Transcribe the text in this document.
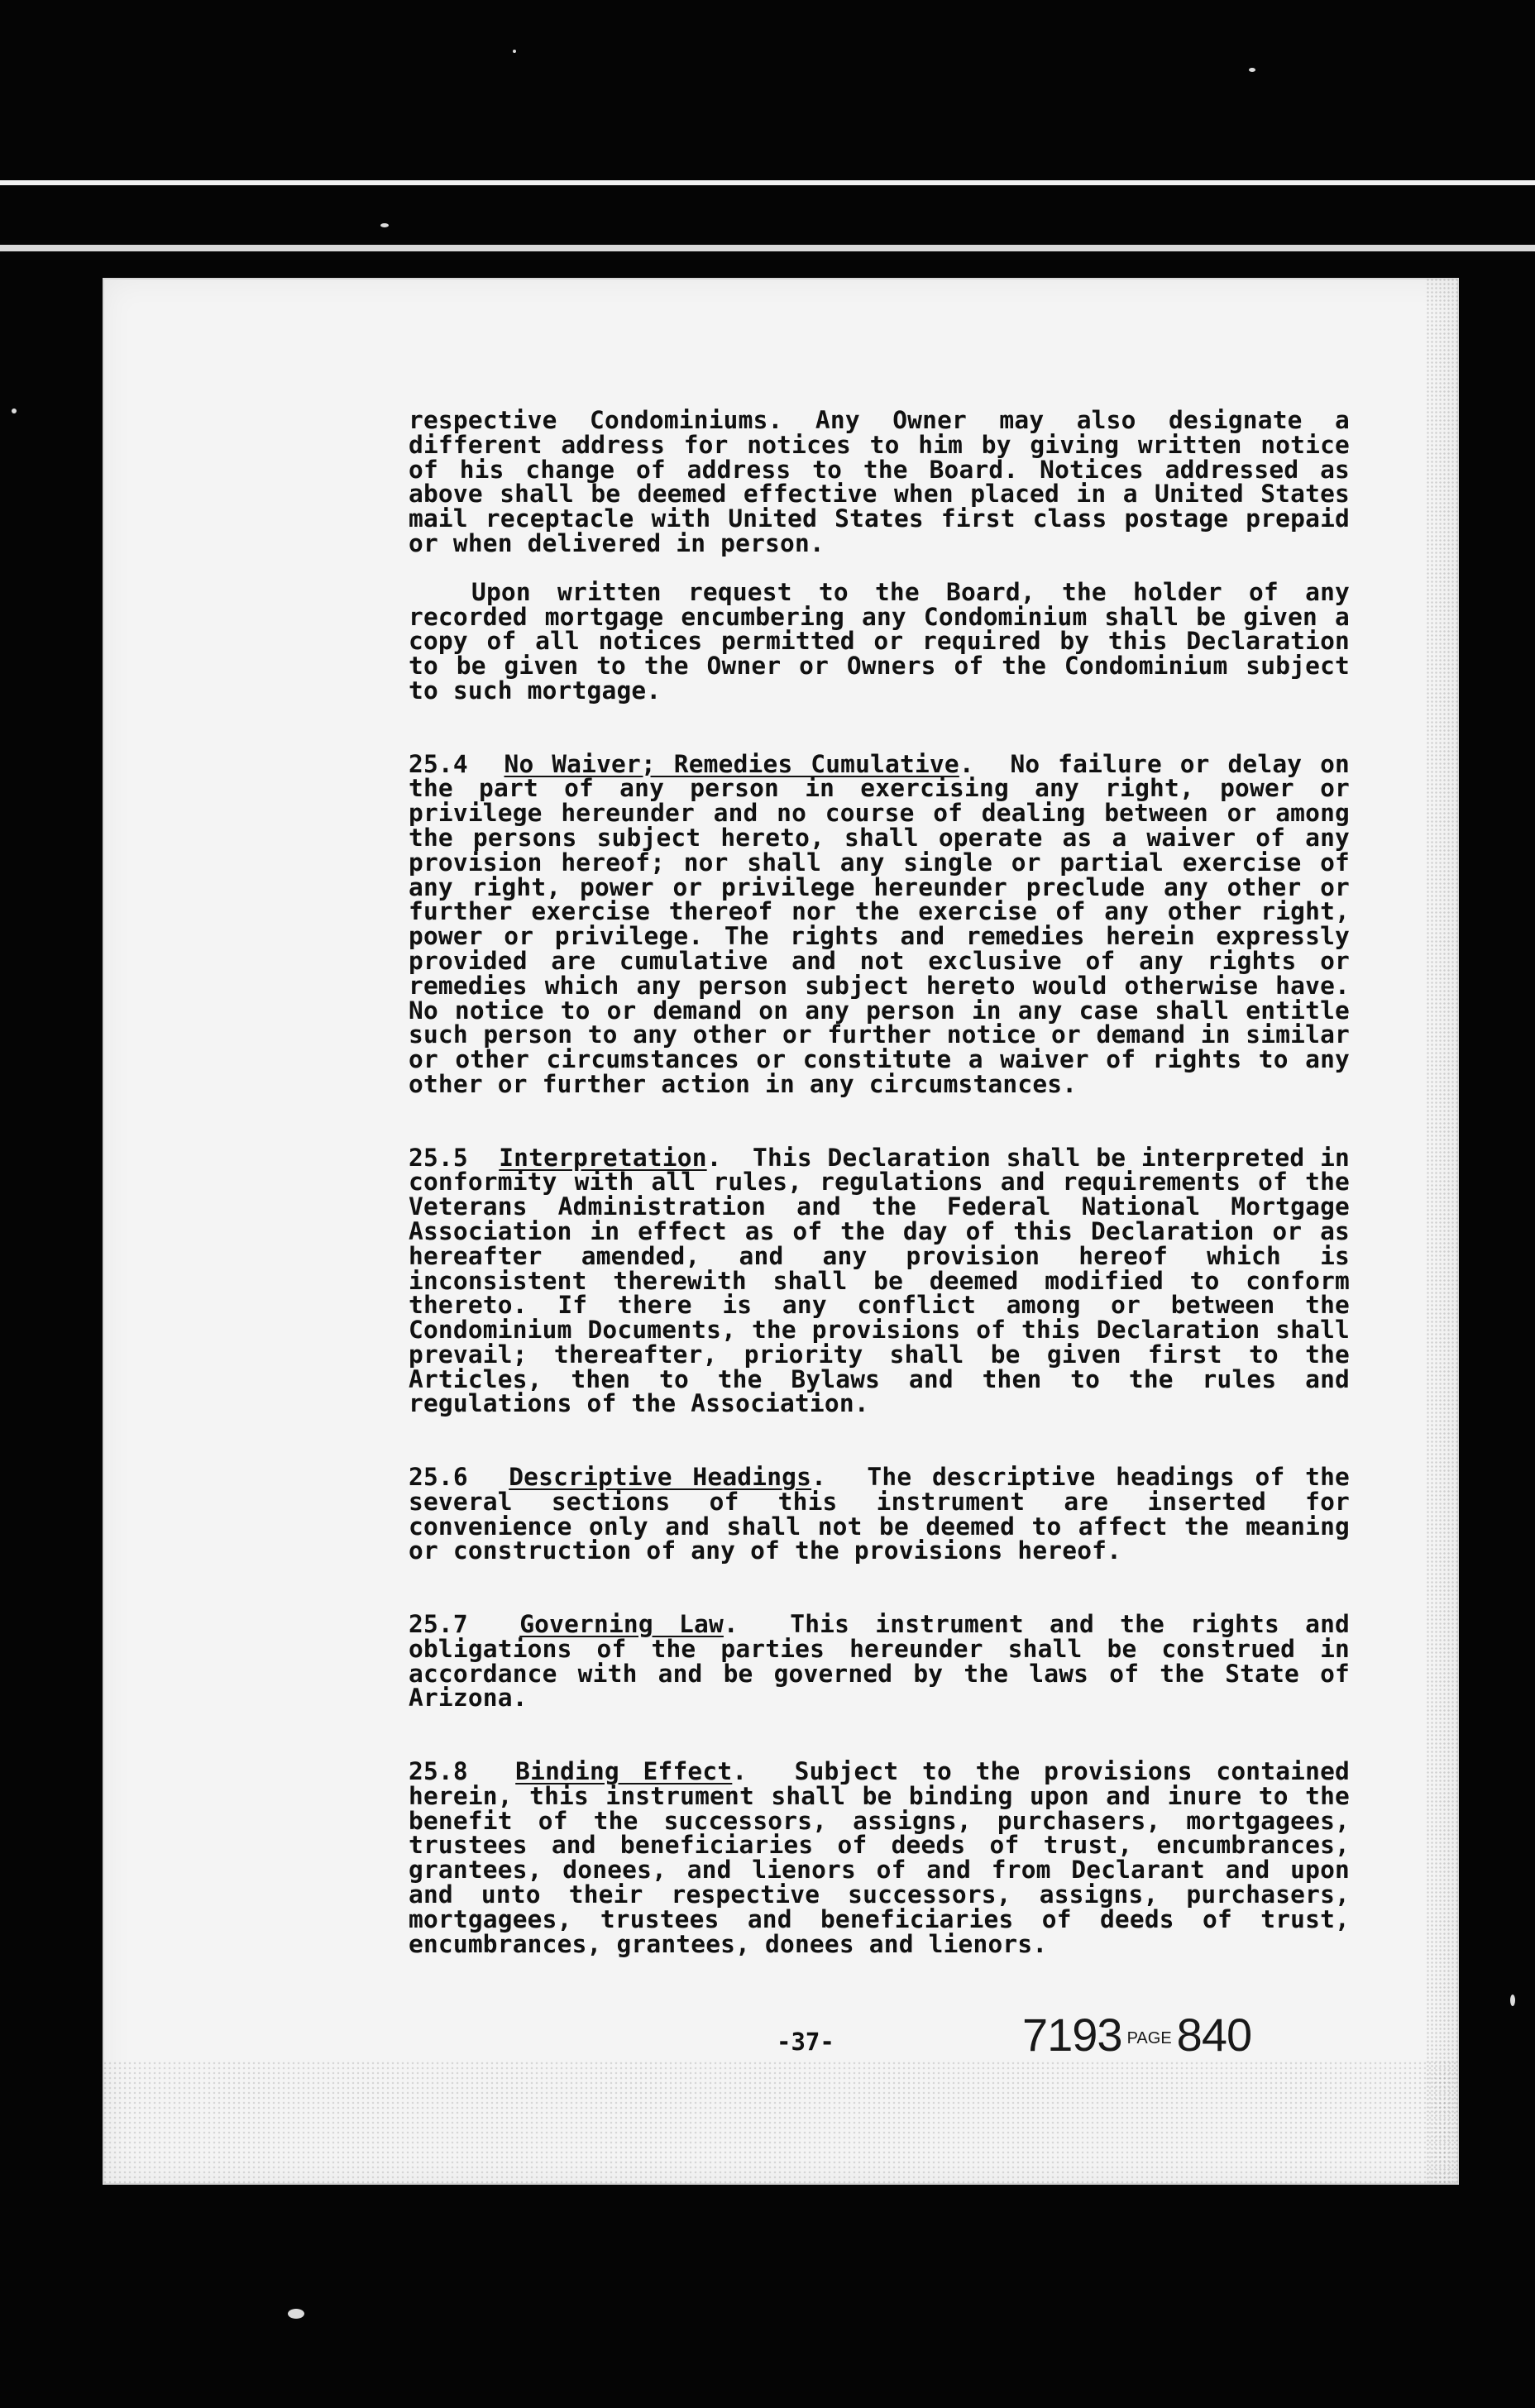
respective Condominiums. Any Owner may also designate a different address for notices to him by giving written notice of his change of address to the Board. Notices addressed as above shall be deemed effective when placed in a United States mail receptacle with United States first class postage prepaid or when delivered in person.

Upon written request to the Board, the holder of any recorded mortgage encumbering any Condominium shall be given a copy of all notices permitted or required by this Declaration to be given to the Owner or Owners of the Condominium subject to such mortgage.

25.4 No Waiver; Remedies Cumulative.  No failure or delay on the part of any person in exercising any right, power or privilege hereunder and no course of dealing between or among the persons subject hereto, shall operate as a waiver of any provision hereof; nor shall any single or partial exercise of any right, power or privilege hereunder preclude any other or further exercise thereof nor the exercise of any other right, power or privilege. The rights and remedies herein expressly provided are cumulative and not exclusive of any rights or remedies which any person subject hereto would otherwise have. No notice to or demand on any person in any case shall entitle such person to any other or further notice or demand in similar or other circumstances or constitute a waiver of rights to any other or further action in any circumstances.

25.5 Interpretation.  This Declaration shall be interpreted in conformity with all rules, regulations and requirements of the Veterans Administration and the Federal National Mortgage Association in effect as of the day of this Declaration or as hereafter amended, and any provision hereof which is inconsistent therewith shall be deemed modified to conform thereto. If there is any conflict among or between the Condominium Documents, the provisions of this Declaration shall prevail; thereafter, priority shall be given first to the Articles, then to the Bylaws and then to the rules and regulations of the Association.

25.6 Descriptive Headings.  The descriptive headings of the several sections of this instrument are inserted for convenience only and shall not be deemed to affect the meaning or construction of any of the provisions hereof.

25.7 Governing Law.  This instrument and the rights and obligations of the parties hereunder shall be construed in accordance with and be governed by the laws of the State of Arizona.

25.8 Binding Effect.  Subject to the provisions contained herein, this instrument shall be binding upon and inure to the benefit of the successors, assigns, purchasers, mortgagees, trustees and beneficiaries of deeds of trust, encumbrances, grantees, donees, and lienors of and from Declarant and upon and unto their respective successors, assigns, purchasers, mortgagees, trustees and beneficiaries of deeds of trust, encumbrances, grantees, donees and lienors.

-37-	7193 PAGE 840
